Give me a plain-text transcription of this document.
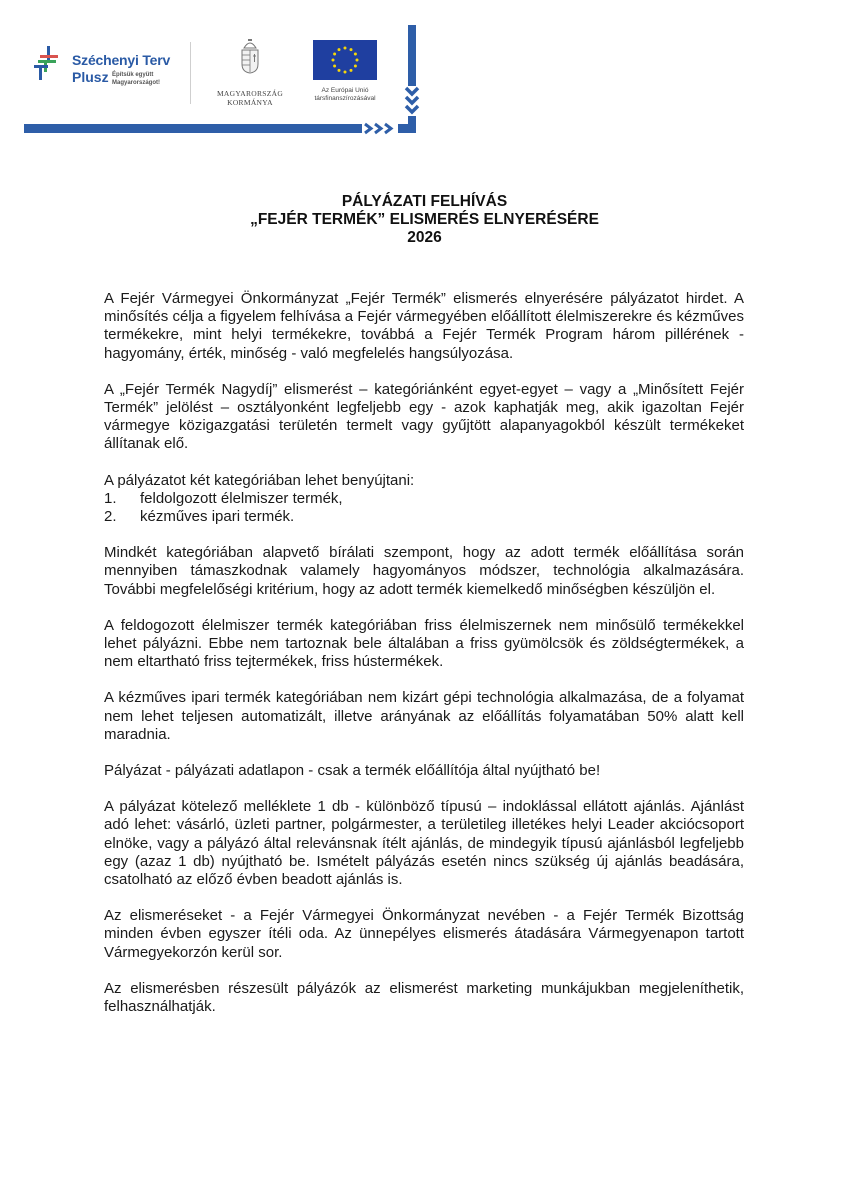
Széchenyi Terv
Plusz Építsük együtt
Magyarországot!
MAGYARORSZÁG
KORMÁNYA
Az Európai Unió
társfinanszírozásával
PÁLYÁZATI FELHÍVÁS
„FEJÉR TERMÉK” ELISMERÉS ELNYERÉSÉRE
2026

A Fejér Vármegyei Önkormányzat „Fejér Termék” elismerés elnyerésére pályázatot hirdet. A minősítés célja a figyelem felhívása a Fejér vármegyében előállított élelmiszerekre és kézműves termékekre, mint helyi termékekre, továbbá a Fejér Termék Program három pillérének - hagyomány, érték, minőség - való megfelelés hangsúlyozása.

A „Fejér Termék Nagydíj” elismerést – kategóriánként egyet-egyet – vagy a „Minősített Fejér Termék” jelölést – osztályonként legfeljebb egy - azok kaphatják meg, akik igazoltan Fejér vármegye közigazgatási területén termelt vagy gyűjtött alapanyagokból készült termékeket állítanak elő.

A pályázatot két kategóriában lehet benyújtani:

1.	feldolgozott élelmiszer termék,
2.	kézműves ipari termék.

Mindkét kategóriában alapvető bírálati szempont, hogy az adott termék előállítása során mennyiben támaszkodnak valamely hagyományos módszer, technológia alkalmazására. További megfelelőségi kritérium, hogy az adott termék kiemelkedő minőségben készüljön el.

A feldogozott élelmiszer termék kategóriában friss élelmiszernek nem minősülő termékekkel lehet pályázni. Ebbe nem tartoznak bele általában a friss gyümölcsök és zöldségtermékek, a nem eltartható friss tejtermékek, friss hústermékek.

A kézműves ipari termék kategóriában nem kizárt gépi technológia alkalmazása, de a folyamat nem lehet teljesen automatizált, illetve arányának az előállítás folyamatában 50% alatt kell maradnia.

Pályázat - pályázati adatlapon - csak a termék előállítója által nyújtható be!

A pályázat kötelező melléklete 1 db - különböző típusú – indoklással ellátott ajánlás. Ajánlást adó lehet: vásárló, üzleti partner, polgármester, a területileg illetékes helyi Leader akciócsoport elnöke, vagy a pályázó által relevánsnak ítélt ajánlás, de mindegyik típusú ajánlásból legfeljebb egy (azaz 1 db) nyújtható be. Ismételt pályázás esetén nincs szükség új ajánlás beadására, csatolható az előző évben beadott ajánlás is.

Az elismeréseket - a Fejér Vármegyei Önkormányzat nevében - a Fejér Termék Bizottság minden évben egyszer ítéli oda. Az ünnepélyes elismerés átadására Vármegyenapon tartott Vármegyekorzón kerül sor.

Az elismerésben részesült pályázók az elismerést marketing munkájukban megjeleníthetik, felhasználhatják.
